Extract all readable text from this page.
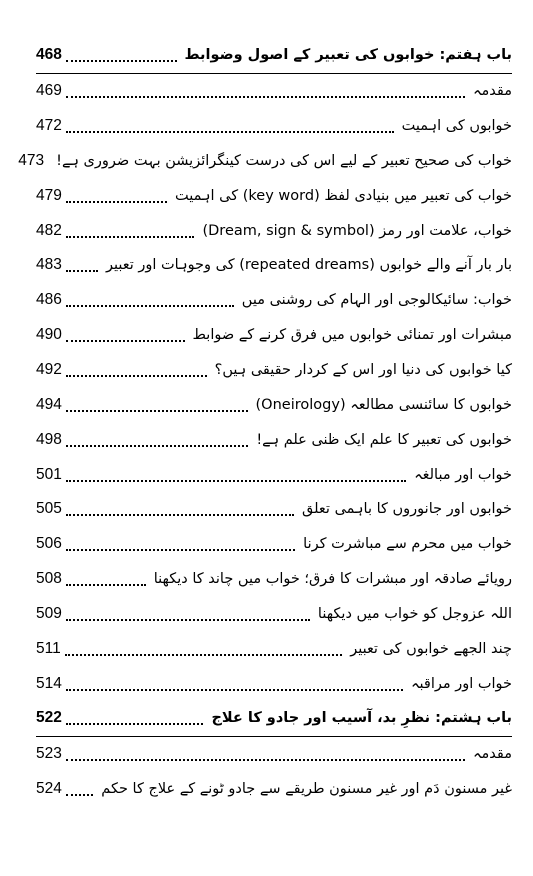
باب ہفتم: خوابوں کی تعبیر کے اصول وضوابط
468
مقدمہ
469
خوابوں کی اہمیت
472
خواب کی صحیح تعبیر کے لیے اس کی درست کینگرائزیشن بہت ضروری ہے!
473
خواب کی تعبیر میں بنیادی لفظ (key word) کی اہمیت
479
خواب، علامت اور رمز (Dream, sign & symbol)
482
بار بار آنے والے خوابوں (repeated dreams) کی وجوہات اور تعبیر
483
خواب: سائیکالوجی اور الہام کی روشنی میں
486
مبشرات اور تمنائی خوابوں میں فرق کرنے کے ضوابط
490
کیا خوابوں کی دنیا اور اس کے کردار حقیقی ہیں؟
492
خوابوں کا سائنسی مطالعہ (Oneirology)
494
خوابوں کی تعبیر کا علم ایک ظنی علم ہے!
498
خواب اور مبالغہ
501
خوابوں اور جانوروں کا باہمی تعلق
505
خواب میں محرم سے مباشرت کرنا
506
رویائے صادقہ اور مبشرات کا فرق؛ خواب میں چاند کا دیکھنا
508
اللہ عزوجل کو خواب میں دیکھنا
509
چند الجھے خوابوں کی تعبیر
511
خواب اور مراقبہ
514
باب ہشتم: نظرِ بد، آسیب اور جادو کا علاج
522
مقدمہ
523
غیر مسنون دَم اور غیر مسنون طریقے سے جادو ٹونے کے علاج کا حکم
524
